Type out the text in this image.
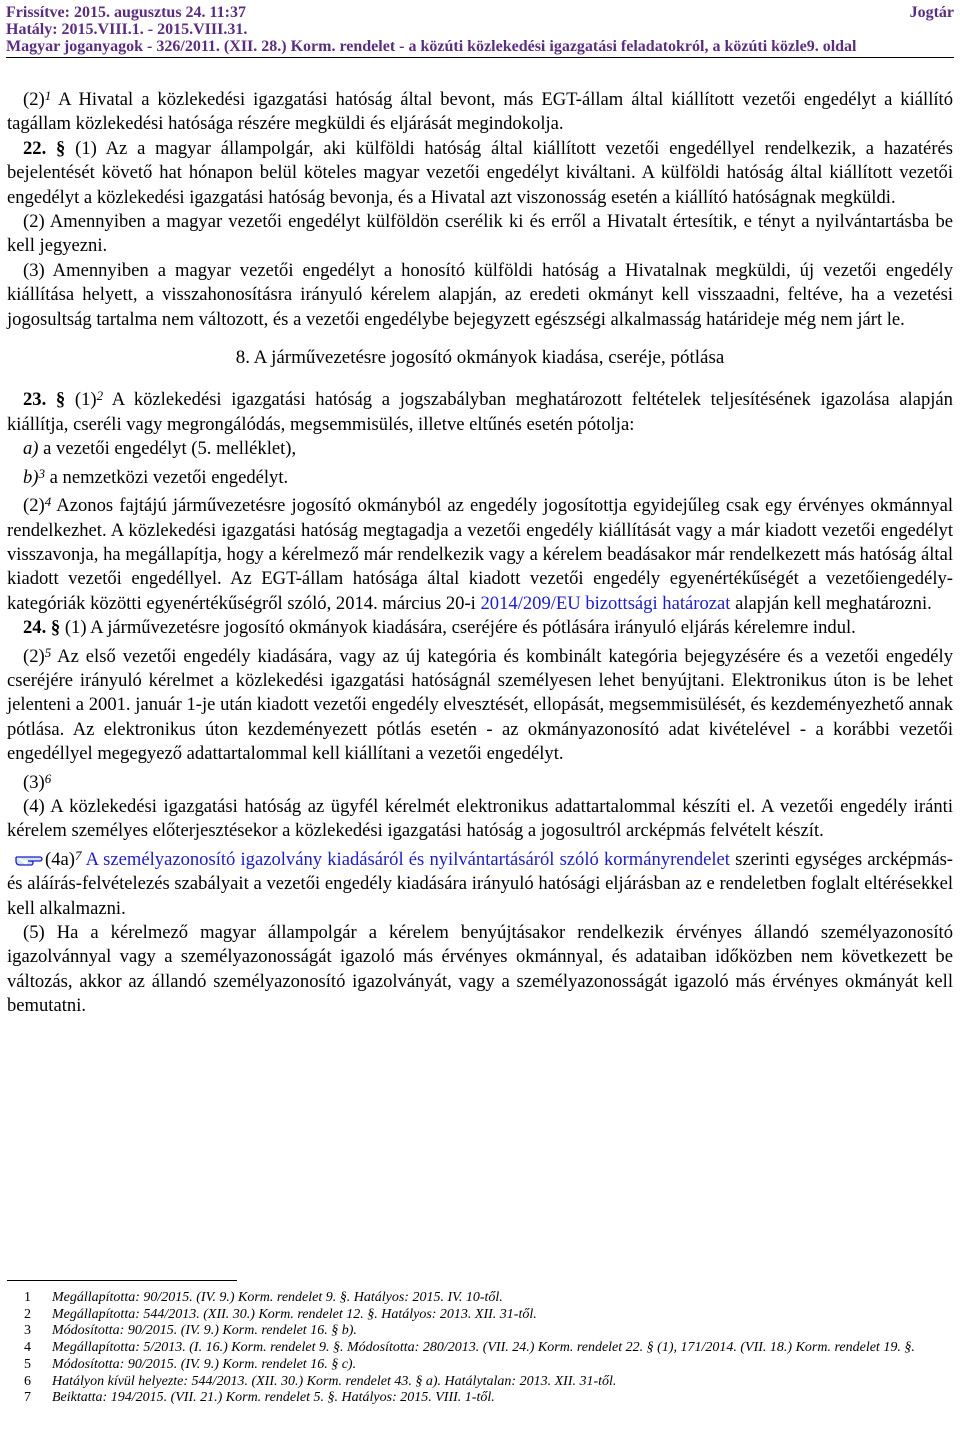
Frissítve: 2015. augusztus 24. 11:37
Hatály: 2015.VIII.1. - 2015.VIII.31.
Magyar joganyagok - 326/2011. (XII. 28.) Korm. rendelet - a közúti közlekedési igazgatási feladatokról, a közúti közle9. oldal
Jogtár

$(2)^1$ A Hivatal a közlekedési igazgatási hatóság által bevont, más EGT-állam által kiállított vezetői engedélyt a kiállító tagállam közlekedési hatósága részére megküldi és eljárását megindokolja.

22. § (1) Az a magyar állampolgár, aki külföldi hatóság által kiállított vezetői engedéllyel rendelkezik, a hazatérés bejelentését követő hat hónapon belül köteles magyar vezetői engedélyt kiváltani. A külföldi hatóság által kiállított vezetői engedélyt a közlekedési igazgatási hatóság bevonja, és a Hivatal azt viszonosság esetén a kiállító hatóságnak megküldi.

(2) Amennyiben a magyar vezetői engedélyt külföldön cserélik ki és erről a Hivatalt értesítik, e tényt a nyilvántartásba be kell jegyezni.

(3) Amennyiben a magyar vezetői engedélyt a honosító külföldi hatóság a Hivatalnak megküldi, új vezetői engedély kiállítása helyett, a visszahonosításra irányuló kérelem alapján, az eredeti okmányt kell visszaadni, feltéve, ha a vezetési jogosultság tartalma nem változott, és a vezetői engedélybe bejegyzett egészségi alkalmasság határideje még nem járt le.

8. A járművezetésre jogosító okmányok kiadása, cseréje, pótlása

23. § $(1)^2$ A közlekedési igazgatási hatóság a jogszabályban meghatározott feltételek teljesítésének igazolása alapján kiállítja, cseréli vagy megrongálódás, megsemmisülés, illetve eltűnés esetén pótolja:

a) a vezetői engedélyt (5. melléklet),

b)$^3$ a nemzetközi vezetői engedélyt.

$(2)^4$ Azonos fajtájú járművezetésre jogosító okmányból az engedély jogosítottja egyidejűleg csak egy érvényes okmánnyal rendelkezhet. A közlekedési igazgatási hatóság megtagadja a vezetői engedély kiállítását vagy a már kiadott vezetői engedélyt visszavonja, ha megállapítja, hogy a kérelmező már rendelkezik vagy a kérelem beadásakor már rendelkezett más hatóság által kiadott vezetői engedéllyel. Az EGT-állam hatósága által kiadott vezetői engedély egyenértékűségét a vezetőiengedély-kategóriák közötti egyenértékűségről szóló, 2014. március 20-i 2014/209/EU bizottsági határozat alapján kell meghatározni.

24. § (1) A járművezetésre jogosító okmányok kiadására, cseréjére és pótlására irányuló eljárás kérelemre indul.

$(2)^5$ Az első vezetői engedély kiadására, vagy az új kategória és kombinált kategória bejegyzésére és a vezetői engedély cseréjére irányuló kérelmet a közlekedési igazgatási hatóságnál személyesen lehet benyújtani. Elektronikus úton is be lehet jelenteni a 2001. január 1-je után kiadott vezetői engedély elvesztését, ellopását, megsemmisülését, és kezdeményezhető annak pótlása. Az elektronikus úton kezdeményezett pótlás esetén - az okmányazonosító adat kivételével - a korábbi vezetői engedéllyel megegyező adattartalommal kell kiállítani a vezetői engedélyt.

$(3)^6$

(4) A közlekedési igazgatási hatóság az ügyfél kérelmét elektronikus adattartalommal készíti el. A vezetői engedély iránti kérelem személyes előterjesztésekor a közlekedési igazgatási hatóság a jogosultról arcképmás felvételt készít.

$(4a)^7$ A személyazonosító igazolvány kiadásáról és nyilvántartásáról szóló kormányrendelet szerinti egységes arcképmás- és aláírás-felvételezés szabályait a vezetői engedély kiadására irányuló hatósági eljárásban az e rendeletben foglalt eltérésekkel kell alkalmazni.

(5) Ha a kérelmező magyar állampolgár a kérelem benyújtásakor rendelkezik érvényes állandó személyazonosító igazolvánnyal vagy a személyazonosságát igazoló más érvényes okmánnyal, és adataiban időközben nem következett be változás, akkor az állandó személyazonosító igazolványát, vagy a személyazonosságát igazoló más érvényes okmányát kell bemutatni.

1 Megállapította: 90/2015. (IV. 9.) Korm. rendelet 9. §. Hatályos: 2015. IV. 10-től.
2 Megállapította: 544/2013. (XII. 30.) Korm. rendelet 12. §. Hatályos: 2013. XII. 31-től.
3 Módosította: 90/2015. (IV. 9.) Korm. rendelet 16. § b).
4 Megállapította: 5/2013. (I. 16.) Korm. rendelet 9. §. Módosította: 280/2013. (VII. 24.) Korm. rendelet 22. § (1), 171/2014. (VII. 18.) Korm. rendelet 19. §.
5 Módosította: 90/2015. (IV. 9.) Korm. rendelet 16. § c).
6 Hatályon kívül helyezte: 544/2013. (XII. 30.) Korm. rendelet 43. § a). Hatálytalan: 2013. XII. 31-től.
7 Beiktatta: 194/2015. (VII. 21.) Korm. rendelet 5. §. Hatályos: 2015. VIII. 1-től.
